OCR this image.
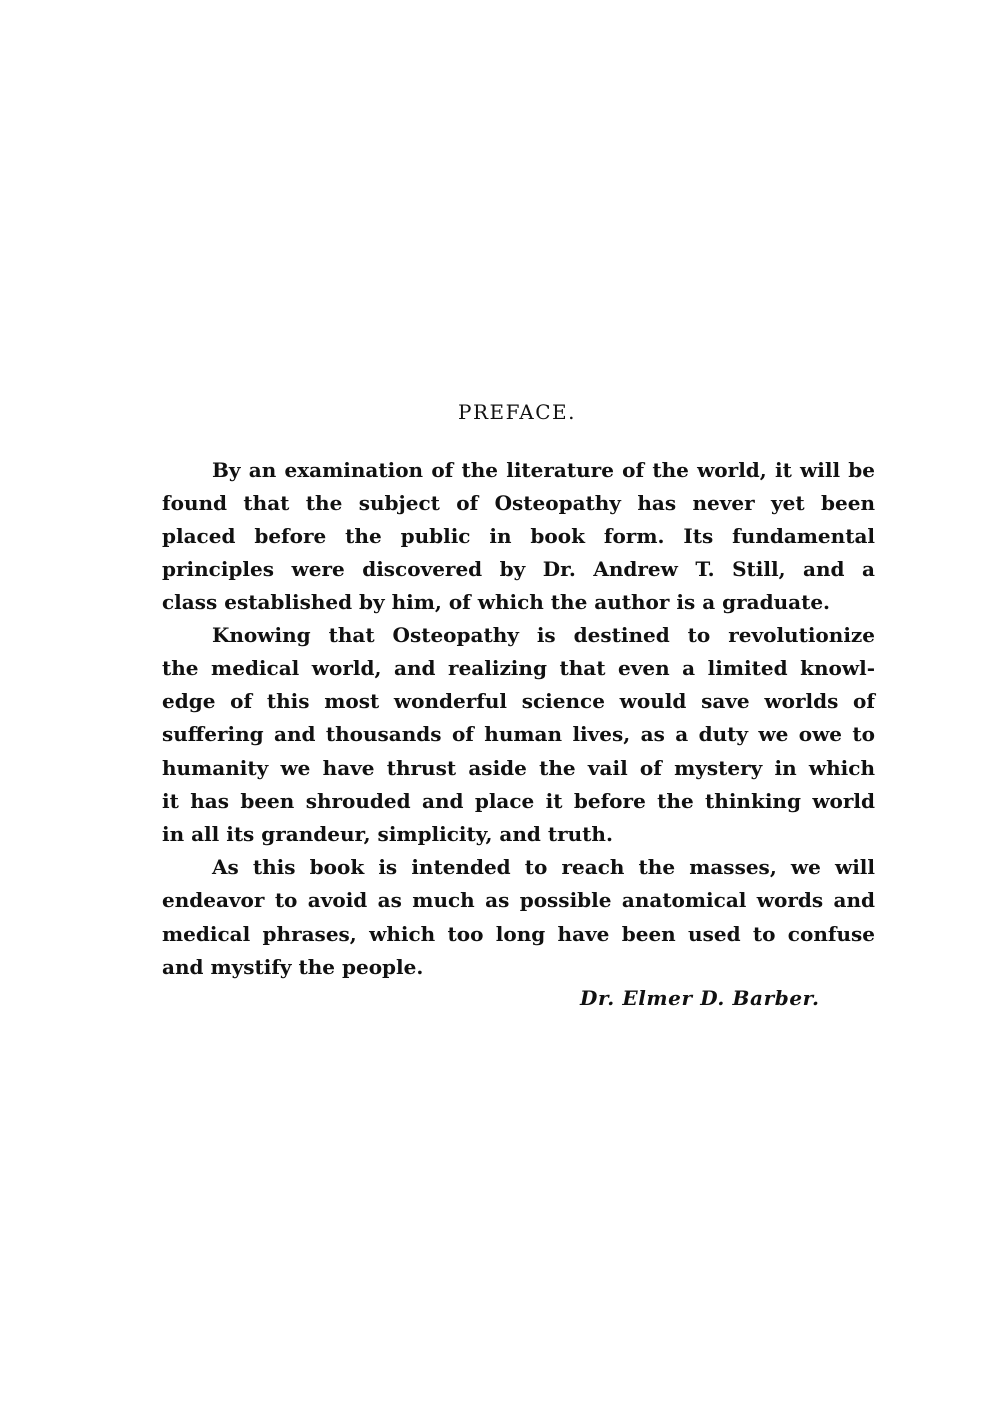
PREFACE.
By an examination of the literature of the world, it will be
found that the subject of Osteopathy has never yet been
placed before the public in book form. Its fundamental
principles were discovered by Dr. Andrew T. Still, and a
class established by him, of which the author is a graduate.
Knowing that Osteopathy is destined to revolutionize
the medical world, and realizing that even a limited knowl-
edge of this most wonderful science would save worlds of
suffering and thousands of human lives, as a duty we owe to
humanity we have thrust aside the vail of mystery in which
it has been shrouded and place it before the thinking world
in all its grandeur, simplicity, and truth.
As this book is intended to reach the masses, we will
endeavor to avoid as much as possible anatomical words and
medical phrases, which too long have been used to confuse
and mystify the people.
Dr. Elmer D. Barber.
